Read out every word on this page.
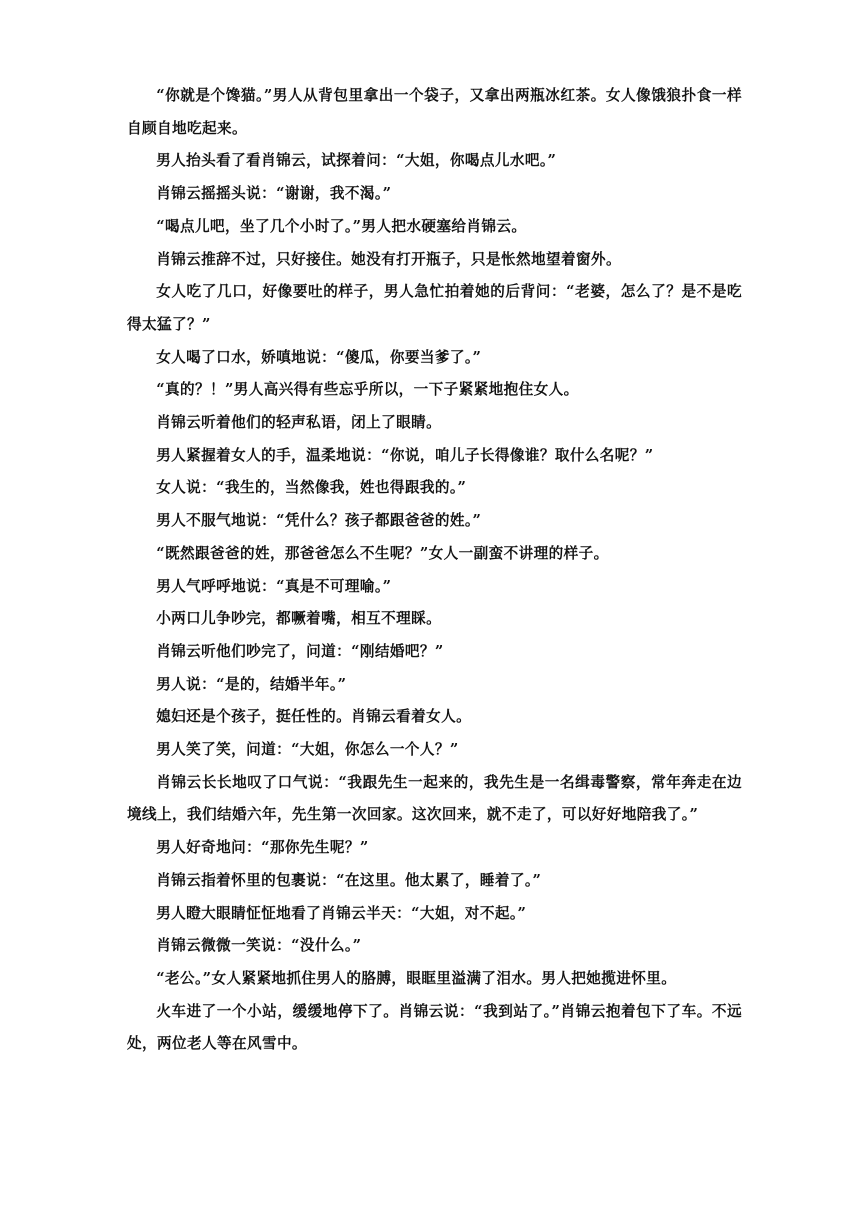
“你就是个馋猫。”男人从背包里拿出一个袋子，又拿出两瓶冰红茶。女人像饿狼扑食一样自顾自地吃起来。

男人抬头看了看肖锦云，试探着问：“大姐，你喝点儿水吧。”

肖锦云摇摇头说：“谢谢，我不渴。”

“喝点儿吧，坐了几个小时了。”男人把水硬塞给肖锦云。

肖锦云推辞不过，只好接住。她没有打开瓶子，只是怅然地望着窗外。

女人吃了几口，好像要吐的样子，男人急忙拍着她的后背问：“老婆，怎么了？是不是吃得太猛了？”

女人喝了口水，娇嗔地说：“傻瓜，你要当爹了。”

“真的？！”男人高兴得有些忘乎所以，一下子紧紧地抱住女人。

肖锦云听着他们的轻声私语，闭上了眼睛。

男人紧握着女人的手，温柔地说：“你说，咱儿子长得像谁？取什么名呢？”

女人说：“我生的，当然像我，姓也得跟我的。”

男人不服气地说：“凭什么？孩子都跟爸爸的姓。”

“既然跟爸爸的姓，那爸爸怎么不生呢？”女人一副蛮不讲理的样子。

男人气呼呼地说：“真是不可理喻。”

小两口儿争吵完，都噘着嘴，相互不理睬。

肖锦云听他们吵完了，问道：“刚结婚吧？”

男人说：“是的，结婚半年。”

媳妇还是个孩子，挺任性的。肖锦云看着女人。

男人笑了笑，问道：“大姐，你怎么一个人？”

肖锦云长长地叹了口气说：“我跟先生一起来的，我先生是一名缉毒警察，常年奔走在边境线上，我们结婚六年，先生第一次回家。这次回来，就不走了，可以好好地陪我了。”

男人好奇地问：“那你先生呢？”

肖锦云指着怀里的包裹说：“在这里。他太累了，睡着了。”

男人瞪大眼睛怔怔地看了肖锦云半天：“大姐，对不起。”

肖锦云微微一笑说：“没什么。”

“老公。”女人紧紧地抓住男人的胳膊，眼眶里溢满了泪水。男人把她揽进怀里。

火车进了一个小站，缓缓地停下了。肖锦云说：“我到站了。”肖锦云抱着包下了车。不远处，两位老人等在风雪中。
